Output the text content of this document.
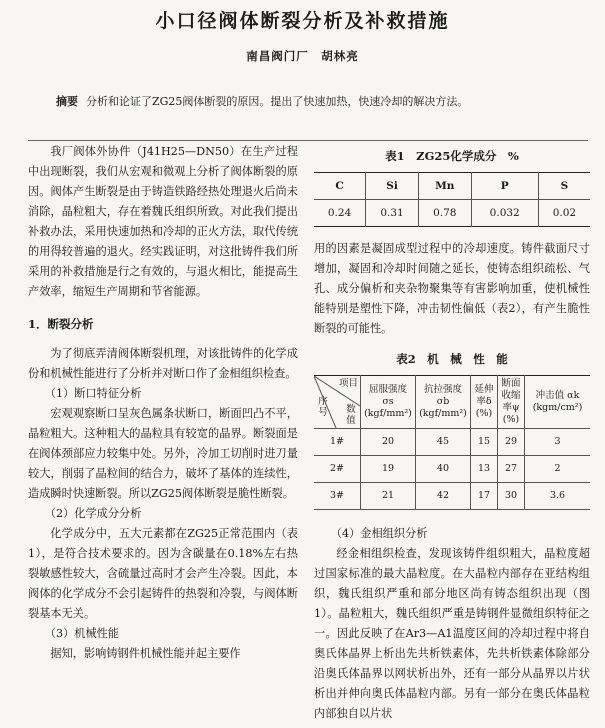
小口径阀体断裂分析及补救措施
南昌阀门厂　胡林亮
摘要 分析和论证了ZG25阀体断裂的原因。提出了快速加热，快速冷却的解决方法。

我厂阀体外协件（J41H25—DN50）在生产过程中出现断裂，我们从宏观和微观上分析了阀体断裂的原因。阀体产生断裂是由于铸造铁路经热处理退火后尚未消除，晶粒粗大，存在着魏氏组织所致。对此我们提出补救办法，采用快速加热和冷却的正火方法，取代传统的用得较普遍的退火。经实践证明，对这批铸件我们所采用的补救措施是行之有效的，与退火相比，能提高生产效率，缩短生产周期和节省能源。

1．断裂分析

为了彻底弄清阀体断裂机理，对该批铸件的化学成份和机械性能进行了分析并对断口作了金相组织检查。

（1）断口特征分析

宏观观察断口呈灰色属条状断口，断面凹凸不平，晶粒粗大。这种粗大的晶粒具有较宽的晶界。断裂面是在阀体颈部应力较集中处。另外，冷加工切削时进刀量较大，削弱了晶粒间的结合力，破坏了基体的连续性，造成瞬时快速断裂。所以ZG25阀体断裂是脆性断裂。

（2）化学成分分析

化学成分中，五大元素都在ZG25正常范围内（表1），是符合技术要求的。因为含碳量在0.18%左右热裂敏感性较大，含硫量过高时才会产生冷裂。因此，本阀体的化学成分不会引起铸件的热裂和冷裂，与阀体断裂基本无关。

（3）机械性能

据知，影响铸钢件机械性能并起主要作

表1　ZG25化学成分　%
C	Si	Mn	P	S
0.24	0.31	0.78	0.032	0.02

用的因素是凝固成型过程中的冷却速度。铸件截面尺寸增加，凝固和冷却时间随之延长，使铸态组织疏松、气孔、成分偏析和夹杂物聚集等有害影响加重，使机械性能特别是塑性下降，冲击韧性偏低（表2），有产生脆性断裂的可能性。

表2　机　械　性　能
项目
数值
序号	屈服强度 σs (kgf/mm²)	抗拉强度 σb (kgf/mm²)	延伸率δ (%)	断面收缩率ψ (%)	冲击值 αk (kgm/cm²)
1#	20	45	15	29	3
2#	19	40	13	27	2
3#	21	42	17	30	3.6

（4）金相组织分析

经金相组织检查，发现该铸件组织粗大，晶粒度超过国家标准的最大晶粒度。在大晶粒内部存在亚结构组织，魏氏组织严重和部分地区尚有铸态组织出现（图1）。晶粒粗大，魏氏组织严重是铸钢件显微组织特征之一。因此反映了在Ar3—A1温度区间的冷却过程中将自奥氏体晶界上析出先共析铁素体，先共析铁素体除部分沿奥氏体晶界以网状析出外，还有一部分从晶界以片状析出并伸向奥氏体晶粒内部。另有一部分在奥氏体晶粒内部独自以片状
